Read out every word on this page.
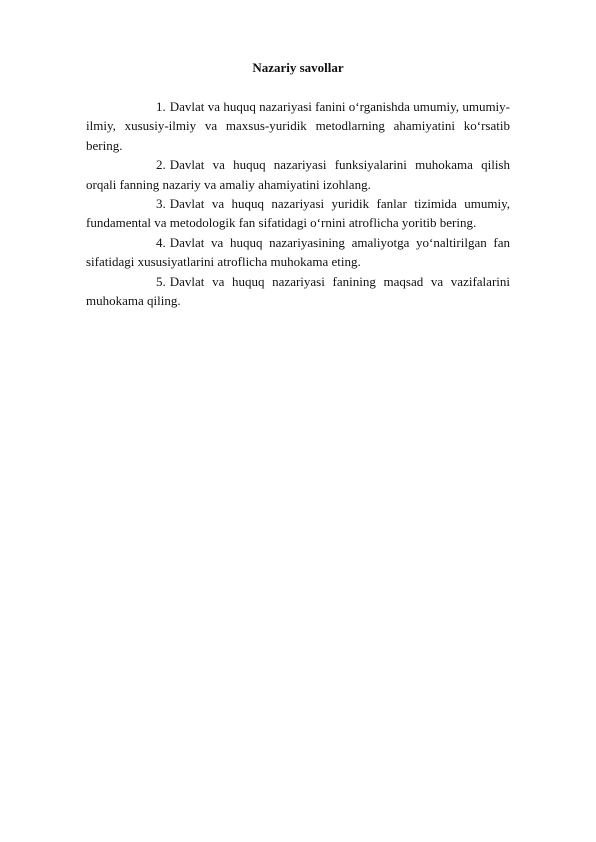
Nazariy savollar
1. Davlat va huquq nazariyasi fanini o‘rganishda umumiy, umumiy-ilmiy, xususiy-ilmiy va maxsus-yuridik metodlarning ahamiyatini ko‘rsatib bering.
2. Davlat va huquq nazariyasi funksiyalarini muhokama qilish orqali fanning nazariy va amaliy ahamiyatini izohlang.
3. Davlat va huquq nazariyasi yuridik fanlar tizimida umumiy, fundamental va metodologik fan sifatidagi o‘rnini atroflicha yoritib bering.
4. Davlat va huquq nazariyasining amaliyotga yo‘naltirilgan fan sifatidagi xususiyatlarini atroflicha muhokama eting.
5. Davlat va huquq nazariyasi fanining maqsad va vazifalarini muhokama qiling.
